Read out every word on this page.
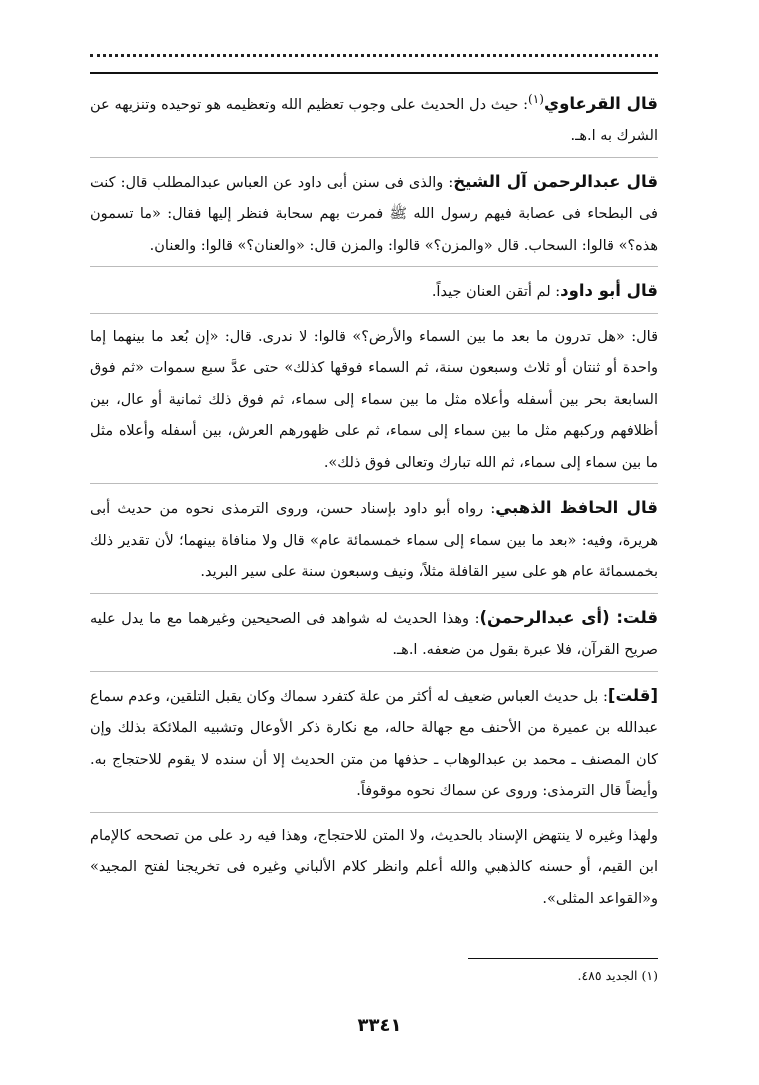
قال القرعاوي$^{(١)}$: حيث دل الحديث على وجوب تعظيم الله وتعظيمه هو توحيده وتنزيهه عن الشرك به ا.هـ.

قال عبدالرحمن آل الشيخ: والذى فى سنن أبى داود عن العباس عبدالمطلب قال: كنت فى البطحاء فى عصابة فيهم رسول الله ﷺ فمرت بهم سحابة فنظر إليها فقال: «ما تسمون هذه؟» قالوا: السحاب. قال «والمزن؟» قالوا: والمزن قال: «والعنان؟» قالوا: والعنان.

قال أبو داود: لم أتقن العنان جيداً.

قال: «هل تدرون ما بعد ما بين السماء والأرض؟» قالوا: لا ندرى. قال: «إن بُعد ما بينهما إما واحدة أو ثنتان أو ثلاث وسبعون سنة، ثم السماء فوقها كذلك» حتى عدَّ سبع سموات «ثم فوق السابعة بحر بين أسفله وأعلاه مثل ما بين سماء إلى سماء، ثم فوق ذلك ثمانية أو عال، بين أظلافهم وركبهم مثل ما بين سماء إلى سماء، ثم على ظهورهم العرش، بين أسفله وأعلاه مثل ما بين سماء إلى سماء، ثم الله تبارك وتعالى فوق ذلك».

قال الحافظ الذهبي: رواه أبو داود بإسناد حسن، وروى الترمذى نحوه من حديث أبى هريرة، وفيه: «بعد ما بين سماء إلى سماء خمسمائة عام» قال ولا منافاة بينهما؛ لأن تقدير ذلك بخمسمائة عام هو على سير القافلة مثلاً، ونيف وسبعون سنة على سير البريد.

قلت: (أى عبدالرحمن): وهذا الحديث له شواهد فى الصحيحين وغيرهما مع ما يدل عليه صريح القرآن، فلا عبرة بقول من ضعفه. ا.هـ.

[قلت]: بل حديث العباس ضعيف له أكثر من علة كتفرد سماك وكان يقبل التلقين، وعدم سماع عبدالله بن عميرة من الأحنف مع جهالة حاله، مع نكارة ذكر الأوعال وتشبيه الملائكة بذلك وإن كان المصنف ـ محمد بن عبدالوهاب ـ حذفها من متن الحديث إلا أن سنده لا يقوم للاحتجاج به. وأيضاً قال الترمذى: وروى عن سماك نحوه موقوفاً.

ولهذا وغيره لا ينتهض الإسناد بالحديث، ولا المتن للاحتجاج، وهذا فيه رد على من تصححه كالإمام ابن القيم، أو حسنه كالذهبي والله أعلم وانظر كلام الألباني وغيره فى تخريجنا لفتح المجيد» و«القواعد المثلى».

(١) الجديد ٤٨٥.
٣٣٤١
